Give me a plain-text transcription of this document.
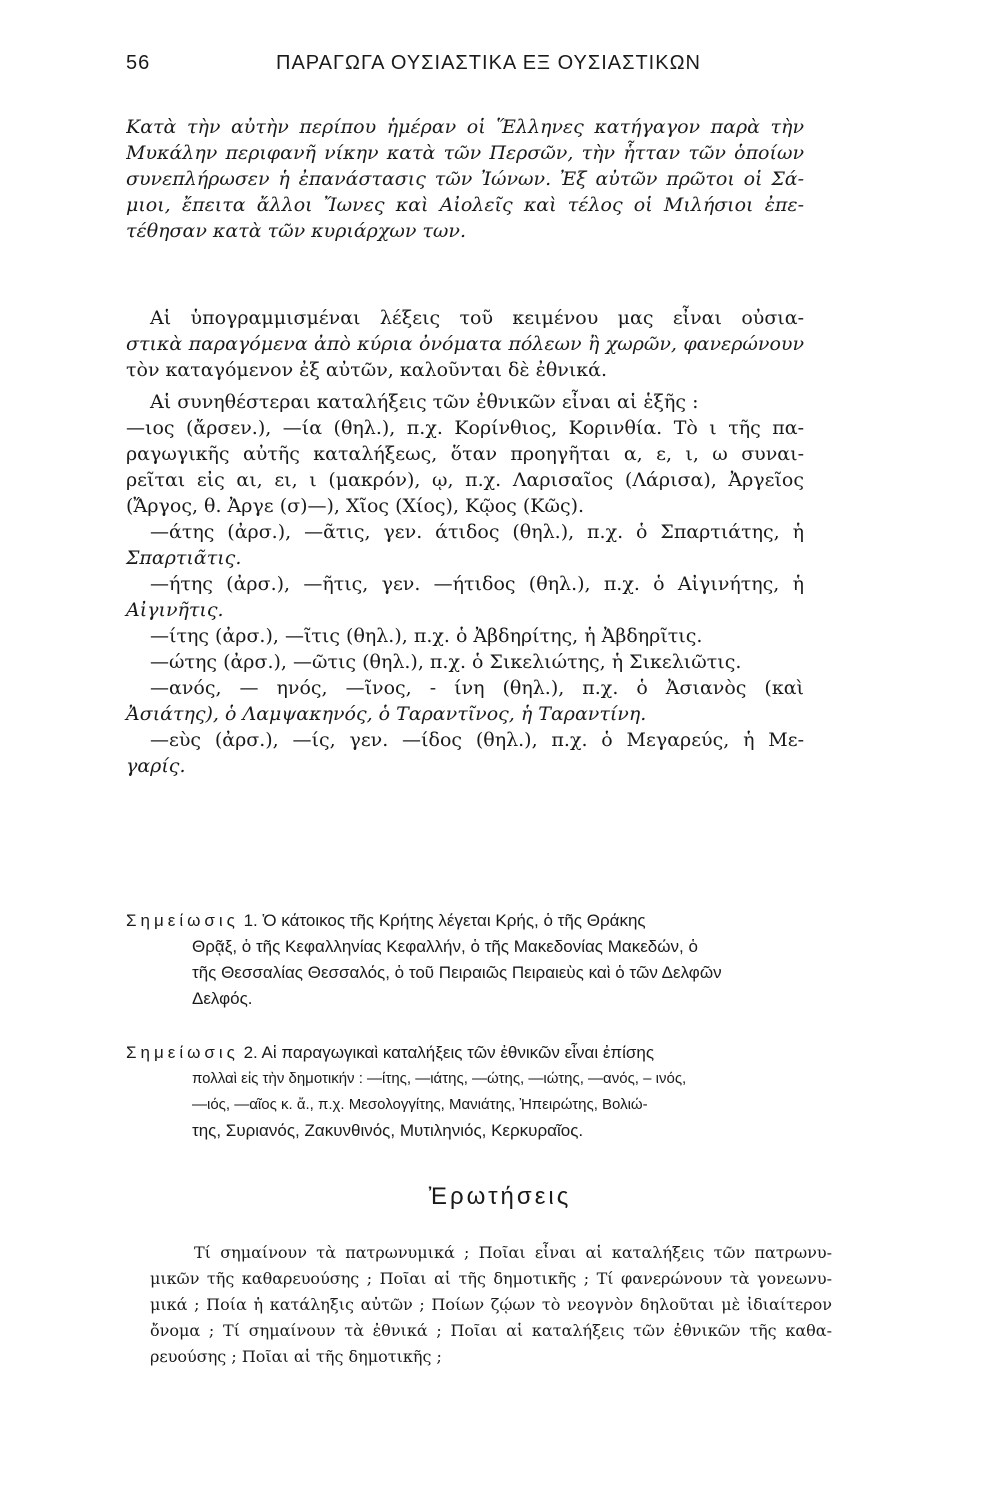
56	ΠΑΡΑΓΩΓΑ ΟΥΣΙΑΣΤΙΚΑ ΕΞ ΟΥΣΙΑΣΤΙΚΩΝ
Κατὰ τὴν αὐτὴν περίπου ἡμέραν οἱ Ἕλληνες κατήγαγον παρὰ τὴν
Μυκάλην περιφανῆ νίκην κατὰ τῶν Περσῶν, τὴν ἧτταν τῶν ὁποίων
συνεπλήρωσεν ἡ ἐπανάστασις τῶν Ἰώνων. Ἐξ αὐτῶν πρῶτοι οἱ Σά-
μιοι, ἔπειτα ἄλλοι Ἴωνες καὶ Αἰολεῖς καὶ τέλος οἱ Μιλήσιοι ἐπε-
τέθησαν κατὰ τῶν κυριάρχων των.
Αἱ ὑπογραμμισμέναι λέξεις τοῦ κειμένου μας εἶναι οὐσια-
στικὰ παραγόμενα ἀπὸ κύρια ὀνόματα πόλεων ἢ χωρῶν, φανερώνουν
τὸν καταγόμενον ἐξ αὐτῶν, καλοῦνται δὲ ἐθνικά.
Αἱ συνηθέστεραι καταλήξεις τῶν ἐθνικῶν εἶναι αἱ ἑξῆς :
—ιος (ἄρσεν.), —ία (θηλ.), π.χ. Κορίνθιος, Κορινθία. Τὸ ι τῆς πα-
ραγωγικῆς αὐτῆς καταλήξεως, ὅταν προηγῆται α, ε, ι, ω συναι-
ρεῖται εἰς αι, ει, ι (μακρόν), ῳ, π.χ. Λαρισαῖος (Λάρισα), Ἀργεῖος
(Ἄργος, θ. Ἀργε (σ)—), Χῖος (Χίος), Κῷος (Κῶς).
—άτης (ἀρσ.), —ᾶτις, γεν. άτιδος (θηλ.), π.χ. ὁ Σπαρτιάτης, ἡ
Σπαρτιᾶτις.
—ήτης (ἀρσ.), —ῆτις, γεν. —ήτιδος (θηλ.), π.χ. ὁ Αἰγινήτης, ἡ
Αἰγινῆτις.
—ίτης (ἀρσ.), —ῖτις (θηλ.), π.χ. ὁ Ἀβδηρίτης, ἡ Ἀβδηρῖτις.
—ώτης (ἀρσ.), —ῶτις (θηλ.), π.χ. ὁ Σικελιώτης, ἡ Σικελιῶτις.
—ανός, — ηνός, —ῖνος, - ίνη (θηλ.), π.χ. ὁ Ἀσιανὸς (καὶ
Ἀσιάτης), ὁ Λαμψακηνός, ὁ Ταραντῖνος, ἡ Ταραντίνη.
—εὺς (ἀρσ.), —ίς, γεν. —ίδος (θηλ.), π.χ. ὁ Μεγαρεύς, ἡ Με-
γαρίς.
Σημείωσις 1. Ὁ κάτοικος τῆς Κρήτης λέγεται Κρής, ὁ τῆς Θράκης
Θρᾷξ, ὁ τῆς Κεφαλληνίας Κεφαλλήν, ὁ τῆς Μακεδονίας Μακεδών, ὁ
τῆς Θεσσαλίας Θεσσαλός, ὁ τοῦ Πειραιῶς Πειραιεὺς καὶ ὁ τῶν Δελφῶν
Δελφός.
Σημείωσις 2. Αἱ παραγωγικαὶ καταλήξεις τῶν ἐθνικῶν εἶναι ἐπίσης
πολλαὶ εἰς τὴν δημοτικήν : —ίτης, —ιάτης, —ώτης, —ιώτης, —ανός, – ινός,
—ιός, —αῖος κ. ἄ., π.χ. Μεσολογγίτης, Μανιάτης, Ἠπειρώτης, Βολιώ-
της, Συριανός, Ζακυνθινός, Μυτιληνιός, Κερκυραῖος.
Ἐρωτήσεις
Τί σημαίνουν τὰ πατρωνυμικά ; Ποῖαι εἶναι αἱ καταλήξεις τῶν πατρωνυ-
μικῶν τῆς καθαρευούσης ; Ποῖαι αἱ τῆς δημοτικῆς ; Τί φανερώνουν τὰ γονεωνυ-
μικά ; Ποία ἡ κατάληξις αὐτῶν ; Ποίων ζῴων τὸ νεογνὸν δηλοῦται μὲ ἰδιαίτερον
ὄνομα ; Τί σημαίνουν τὰ ἐθνικά ; Ποῖαι αἱ καταλήξεις τῶν ἐθνικῶν τῆς καθα-
ρευούσης ; Ποῖαι αἱ τῆς δημοτικῆς ;
